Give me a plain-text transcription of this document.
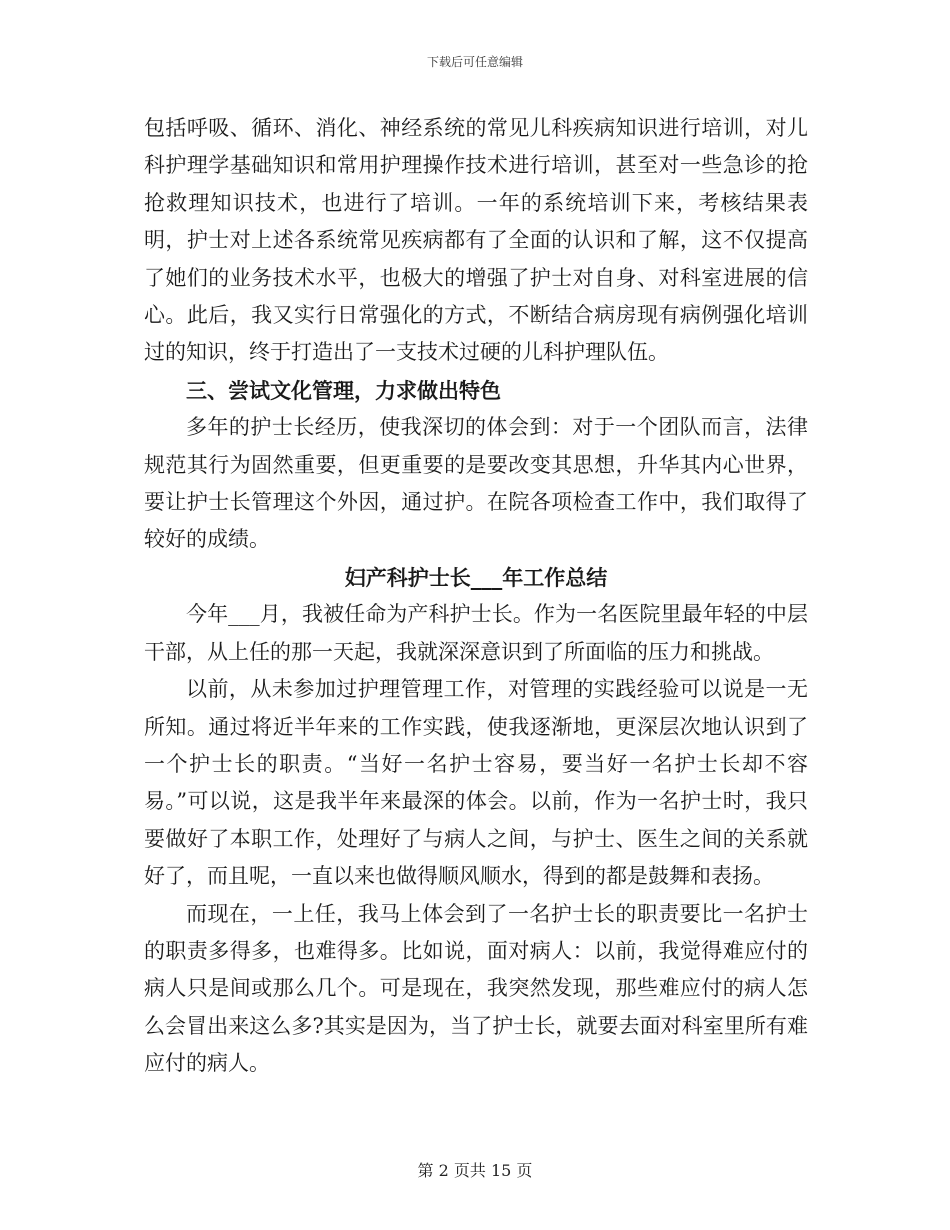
下载后可任意编辑

包括呼吸、循环、消化、神经系统的常见儿科疾病知识进行培训，对儿科护理学基础知识和常用护理操作技术进行培训，甚至对一些急诊的抢抢救理知识技术，也进行了培训。一年的系统培训下来，考核结果表明，护士对上述各系统常见疾病都有了全面的认识和了解，这不仅提高了她们的业务技术水平，也极大的增强了护士对自身、对科室进展的信心。此后，我又实行日常强化的方式，不断结合病房现有病例强化培训过的知识，终于打造出了一支技术过硬的儿科护理队伍。

三、尝试文化管理，力求做出特色

多年的护士长经历，使我深切的体会到：对于一个团队而言，法律规范其行为固然重要，但更重要的是要改变其思想，升华其内心世界，要让护士长管理这个外因，通过护。在院各项检查工作中，我们取得了较好的成绩。

妇产科护士长___年工作总结

今年___月，我被任命为产科护士长。作为一名医院里最年轻的中层干部，从上任的那一天起，我就深深意识到了所面临的压力和挑战。

以前，从未参加过护理管理工作，对管理的实践经验可以说是一无所知。通过将近半年来的工作实践，使我逐渐地，更深层次地认识到了一个护士长的职责。“当好一名护士容易，要当好一名护士长却不容易。”可以说，这是我半年来最深的体会。以前，作为一名护士时，我只要做好了本职工作，处理好了与病人之间，与护士、医生之间的关系就好了，而且呢，一直以来也做得顺风顺水，得到的都是鼓舞和表扬。

而现在，一上任，我马上体会到了一名护士长的职责要比一名护士的职责多得多，也难得多。比如说，面对病人：以前，我觉得难应付的病人只是间或那么几个。可是现在，我突然发现，那些难应付的病人怎么会冒出来这么多?其实是因为，当了护士长，就要去面对科室里所有难应付的病人。

第 2 页共 15 页
